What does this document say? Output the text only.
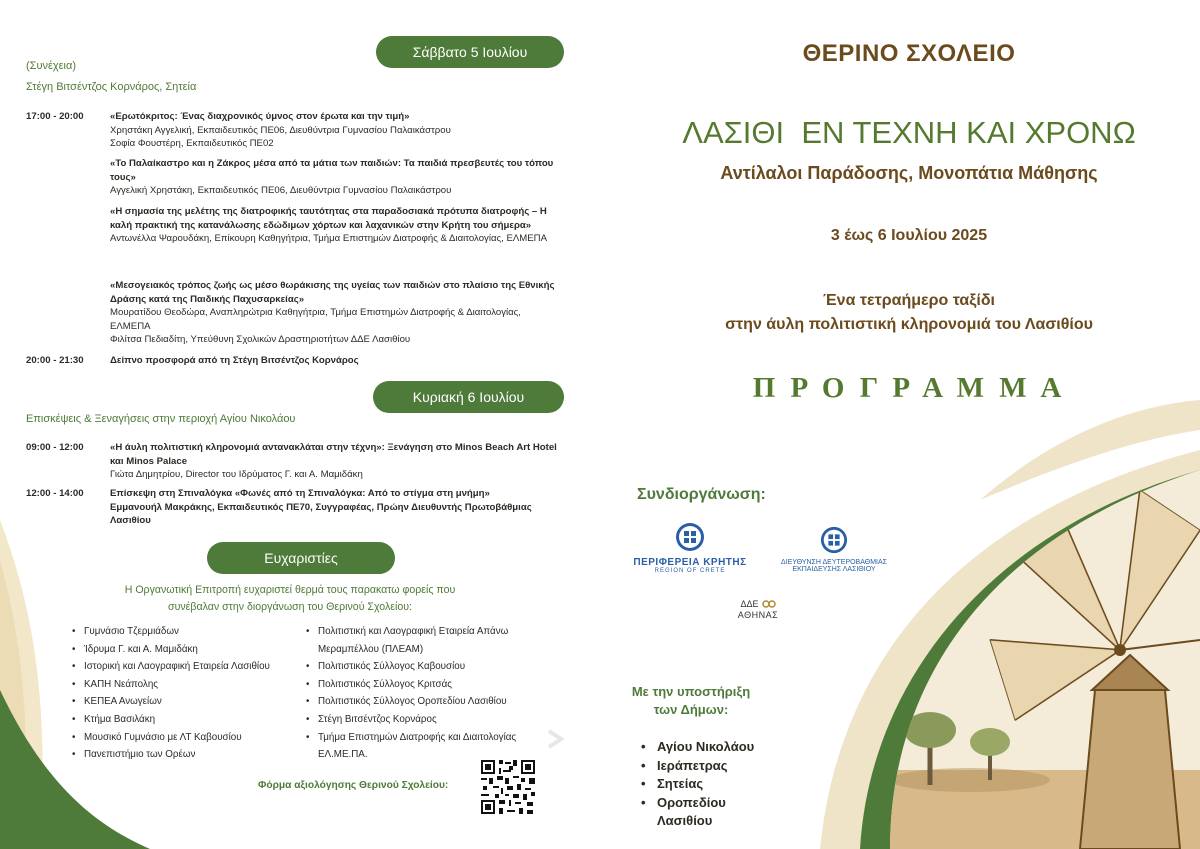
Σάββατο 5 Ιουλίου
(Συνέχεια)
Στέγη Βιτσέντζος Κορνάρος, Σητεία
17:00 - 20:00	«Ερωτόκριτος: Ένας διαχρονικός ύμνος στον έρωτα και την τιμή»
Χρηστάκη Αγγελική, Εκπαιδευτικός ΠΕ06, Διευθύντρια Γυμνασίου Παλαικάστρου
Σοφία Φουστέρη, Εκπαιδευτικός ΠΕ02
«Το Παλαίκαστρο και η Ζάκρος μέσα από τα μάτια των παιδιών: Τα παιδιά πρεσβευτές του τόπου τους»
Αγγελική Χρηστάκη, Εκπαιδευτικός ΠΕ06, Διευθύντρια Γυμνασίου Παλαικάστρου
«Η σημασία της μελέτης της διατροφικής ταυτότητας στα παραδοσιακά πρότυπα διατροφής – Η καλή πρακτική της κατανάλωσης εδώδιμων χόρτων και λαχανικών στην Κρήτη του σήμερα»
Αντωνέλλα Ψαρουδάκη, Επίκουρη Καθηγήτρια, Τμήμα Επιστημών Διατροφής & Διαιτολογίας, ΕΛΜΕΠΑ
«Μεσογειακός τρόπος ζωής ως μέσο θωράκισης της υγείας των παιδιών στο πλαίσιο της Εθνικής Δράσης κατά της Παιδικής Παχυσαρκείας»
Μουρατίδου Θεοδώρα, Αναπληρώτρια Καθηγήτρια, Τμήμα Επιστημών Διατροφής & Διαιτολογίας, ΕΛΜΕΠΑ
Φιλίτσα Πεδιαδίτη, Υπεύθυνη Σχολικών Δραστηριοτήτων ΔΔΕ Λασιθίου
20:00 - 21:30	Δείπνο προσφορά από τη Στέγη Βιτσέντζος Κορνάρος
Κυριακή 6 Ιουλίου
Επισκέψεις & Ξεναγήσεις στην περιοχή Αγίου Νικολάου
09:00 - 12:00	«Η άυλη πολιτιστική κληρονομιά αντανακλάται στην τέχνη»: Ξενάγηση στο Minos Beach Art Hotel και Minos Palace
Γιώτα Δημητρίου, Director του Ιδρύματος Γ. και Α. Μαμιδάκη
12:00 - 14:00	Επίσκεψη στη Σπιναλόγκα «Φωνές από τη Σπιναλόγκα: Από το στίγμα στη μνήμη»
Εμμανουήλ Μακράκης, Εκπαιδευτικός ΠΕ70, Συγγραφέας, Πρώην Διευθυντής Πρωτοβάθμιας Λασιθίου
Ευχαριστίες
Η Οργανωτική Επιτροπή ευχαριστεί θερμά τους παρακατω φορείς που
συνέβαλαν στην διοργάνωση του Θερινού Σχολείου:
• Γυμνάσιο Τζερμιάδων
• Ίδρυμα Γ. και Α. Μαμιδάκη
• Ιστορική και Λαογραφική Εταιρεία Λασιθίου
• ΚΑΠΗ Νεάπολης
• ΚΕΠΕΑ Ανωγείων
• Κτήμα Βασιλάκη
• Μουσικό Γυμνάσιο με ΛΤ Καβουσίου
• Πανεπιστήμιο των Ορέων
• Πολιτιστική και Λαογραφική Εταιρεία Απάνω Μεραμπέλλου (ΠΛΕΑΜ)
• Πολιτιστικός Σύλλογος Καβουσίου
• Πολιτιστικός Σύλλογος Κριτσάς
• Πολιτιστικός Σύλλογος Οροπεδίου Λασιθίου
• Στέγη Βιτσέντζος Κορνάρος
• Τμήμα Επιστημών Διατροφής και Διαιτολογίας ΕΛ.ΜΕ.ΠΑ.
Φόρμα αξιολόγησης Θερινού Σχολείου:
ΘΕΡΙΝΟ ΣΧΟΛΕΙΟ
ΛΑΣΙΘΙ  ΕΝ ΤΕΧΝΗ ΚΑΙ ΧΡΟΝΩ
Αντίλαλοι Παράδοσης, Μονοπάτια Μάθησης
3 έως 6 Ιουλίου 2025
Ένα τετραήμερο ταξίδι
στην άυλη πολιτιστική κληρονομιά του Λασιθίου
Π Ρ Ο Γ Ρ Α Μ Μ Α
Συνδιοργάνωση:
ΠΕΡΙΦΕΡΕΙΑ ΚΡΗΤΗΣ
REGION OF CRETE
ΔΙΕΥΘΥΝΣΗ ΔΕΥΤΕΡΟΒΑΘΜΙΑΣ
ΕΚΠΑΙΔΕΥΣΗΣ ΛΑΣΙΘΙΟΥ
ΔΔΕ
ΑΘΗΝΑΣ
Με την υποστήριξη
των Δήμων:
• Αγίου Νικολάου
• Ιεράπετρας
• Σητείας
• Οροπεδίου Λασιθίου
